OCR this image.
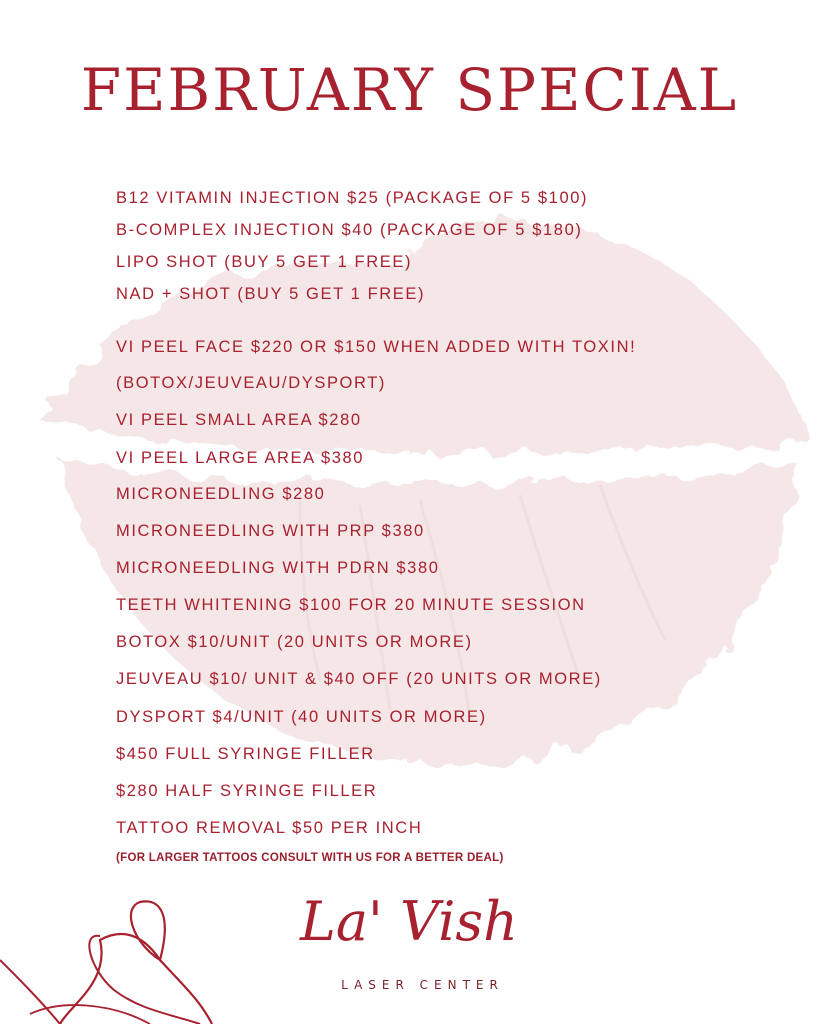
FEBRUARY SPECIAL
B12 VITAMIN INJECTION $25 (PACKAGE OF 5 $100)
B-COMPLEX INJECTION $40 (PACKAGE OF 5 $180)
LIPO SHOT (BUY 5 GET 1 FREE)
NAD + SHOT (BUY 5 GET 1 FREE)
VI PEEL FACE $220 OR $150 WHEN ADDED WITH TOXIN!
(BOTOX/JEUVEAU/DYSPORT)
VI PEEL SMALL AREA $280
VI PEEL LARGE AREA $380
MICRONEEDLING $280
MICRONEEDLING WITH PRP $380
MICRONEEDLING WITH PDRN $380
TEETH WHITENING $100 FOR 20 MINUTE SESSION
BOTOX $10/UNIT (20 UNITS OR MORE)
JEUVEAU $10/ UNIT & $40 OFF (20 UNITS OR MORE)
DYSPORT $4/UNIT (40 UNITS OR MORE)
$450 FULL SYRINGE FILLER
$280 HALF SYRINGE FILLER
TATTOO REMOVAL $50 PER INCH
(FOR LARGER TATTOOS CONSULT WITH US FOR A BETTER DEAL)
La' Vish
LASER CENTER
